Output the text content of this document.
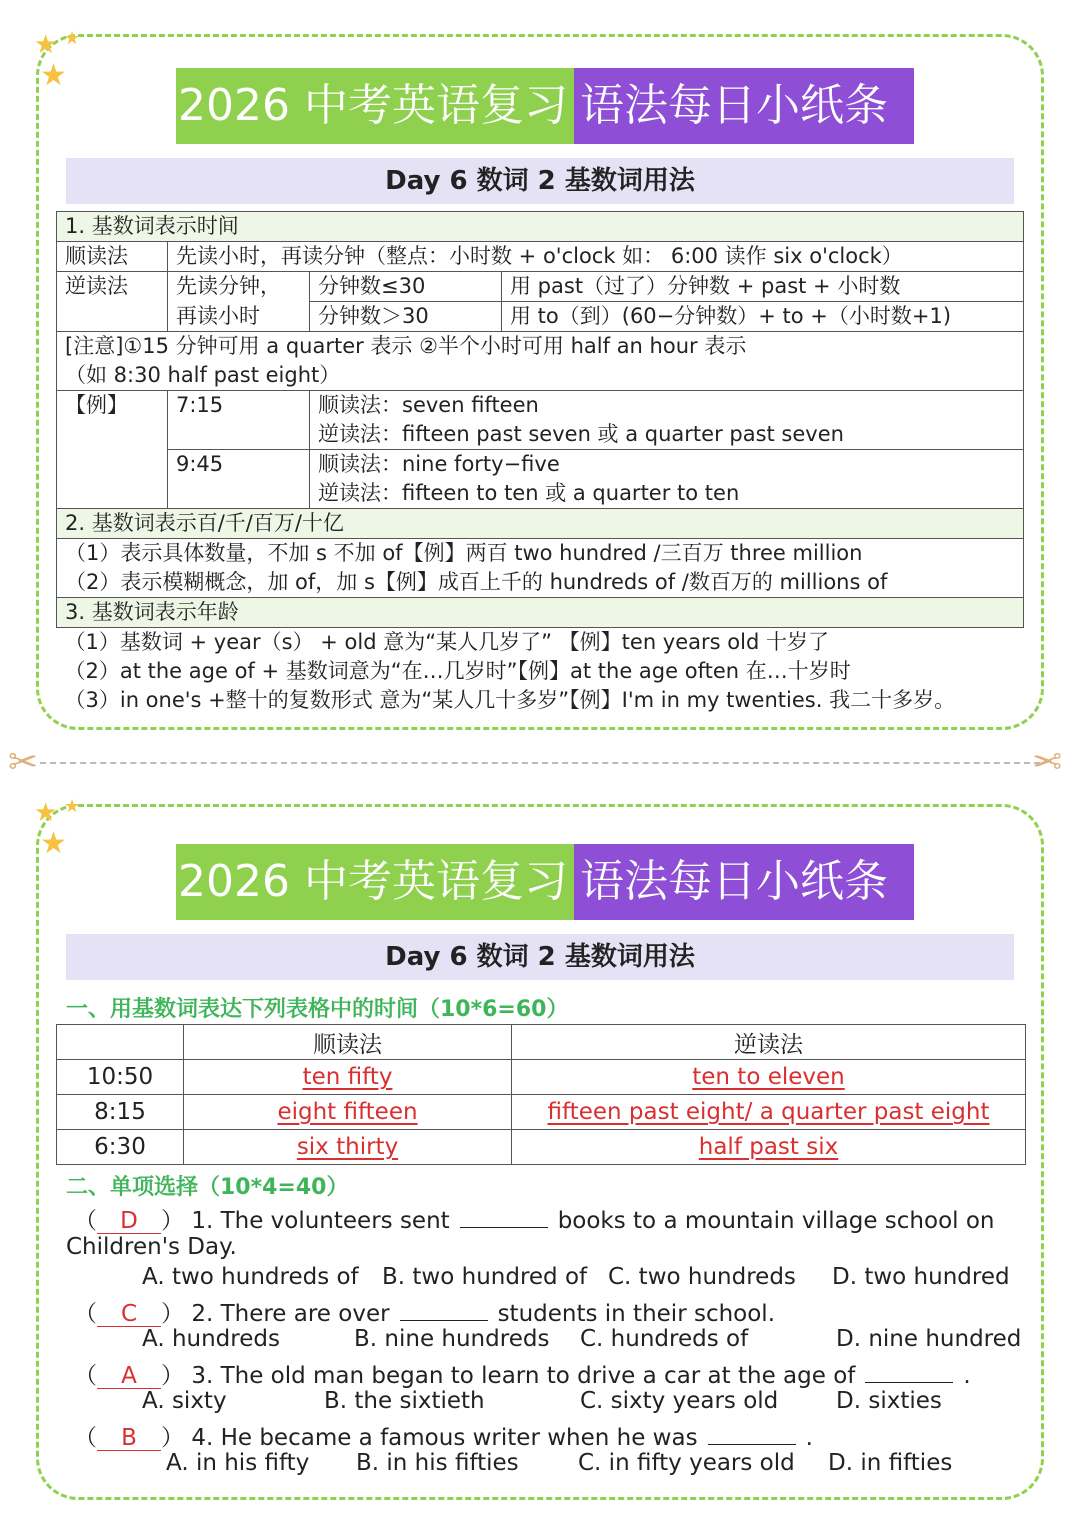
★ ★
★
2026 中考英语复习 语法每日小纸条
Day 6 数词 2 基数词用法
1. 基数词表示时间			
顺读法	先读小时，再读分钟（整点：小时数 + o'clock 如： 6:00 读作 six o'clock）		
逆读法	先读分钟，	分钟数≤30	用 past（过了）分钟数 + past + 小时数
	再读小时	分钟数＞30	用 to（到）(60−分钟数）+ to +（小时数+1)

[注意]①15 分钟可用 a quarter 表示 ②半个小时可用 half an hour 表示
（如 8:30 half past eight）			

【例】	7:15	顺读法：seven fifteen
逆读法：fifteen past seven 或 a quarter past seven	

	9:45	顺读法：nine forty−five
逆读法：fifteen to ten 或 a quarter to ten	

2. 基数词表示百/千/百万/十亿			

（1）表示具体数量，不加 s 不加 of【例】两百 two hundred /三百万 three million
（2）表示模糊概念，加 of，加 s【例】成百上千的 hundreds of /数百万的 millions of			

3. 基数词表示年龄			

（1）基数词 + year（s） + old 意为“某人几岁了” 【例】ten years old 十岁了
（2）at the age of + 基数词意为“在…几岁时”【例】at the age often 在…十岁时
（3）in one's +整十的复数形式 意为“某人几十多岁”【例】I'm in my twenties. 我二十多岁。			
✂	✂
★ ★
★
2026 中考英语复习 语法每日小纸条
Day 6 数词 2 基数词用法
一、用基数词表达下列表格中的时间（10*6=60）
	顺读法	逆读法
10:50	ten fifty	ten to eleven
8:15	eight fifteen	fifteen past eight/ a quarter past eight
6:30	six thirty	half past six
二、单项选择（10*4=40）
（ D ） 1. The volunteers sent	books to a mountain village school on
Children's Day.
A. two hundreds of B. two hundred of C. two hundreds D. two hundred
（ C ） 2. There are over	students in their school.
A. hundreds	B. nine hundreds C. hundreds of	D. nine hundred
（ A ） 3. The old man began to learn to drive a car at the age of	.
A. sixty	B. the sixtieth	C. sixty years old	D. sixties
（ B ） 4. He became a famous writer when he was	.
A. in his fifty B. in his fifties	C. in fifty years old D. in fifties
